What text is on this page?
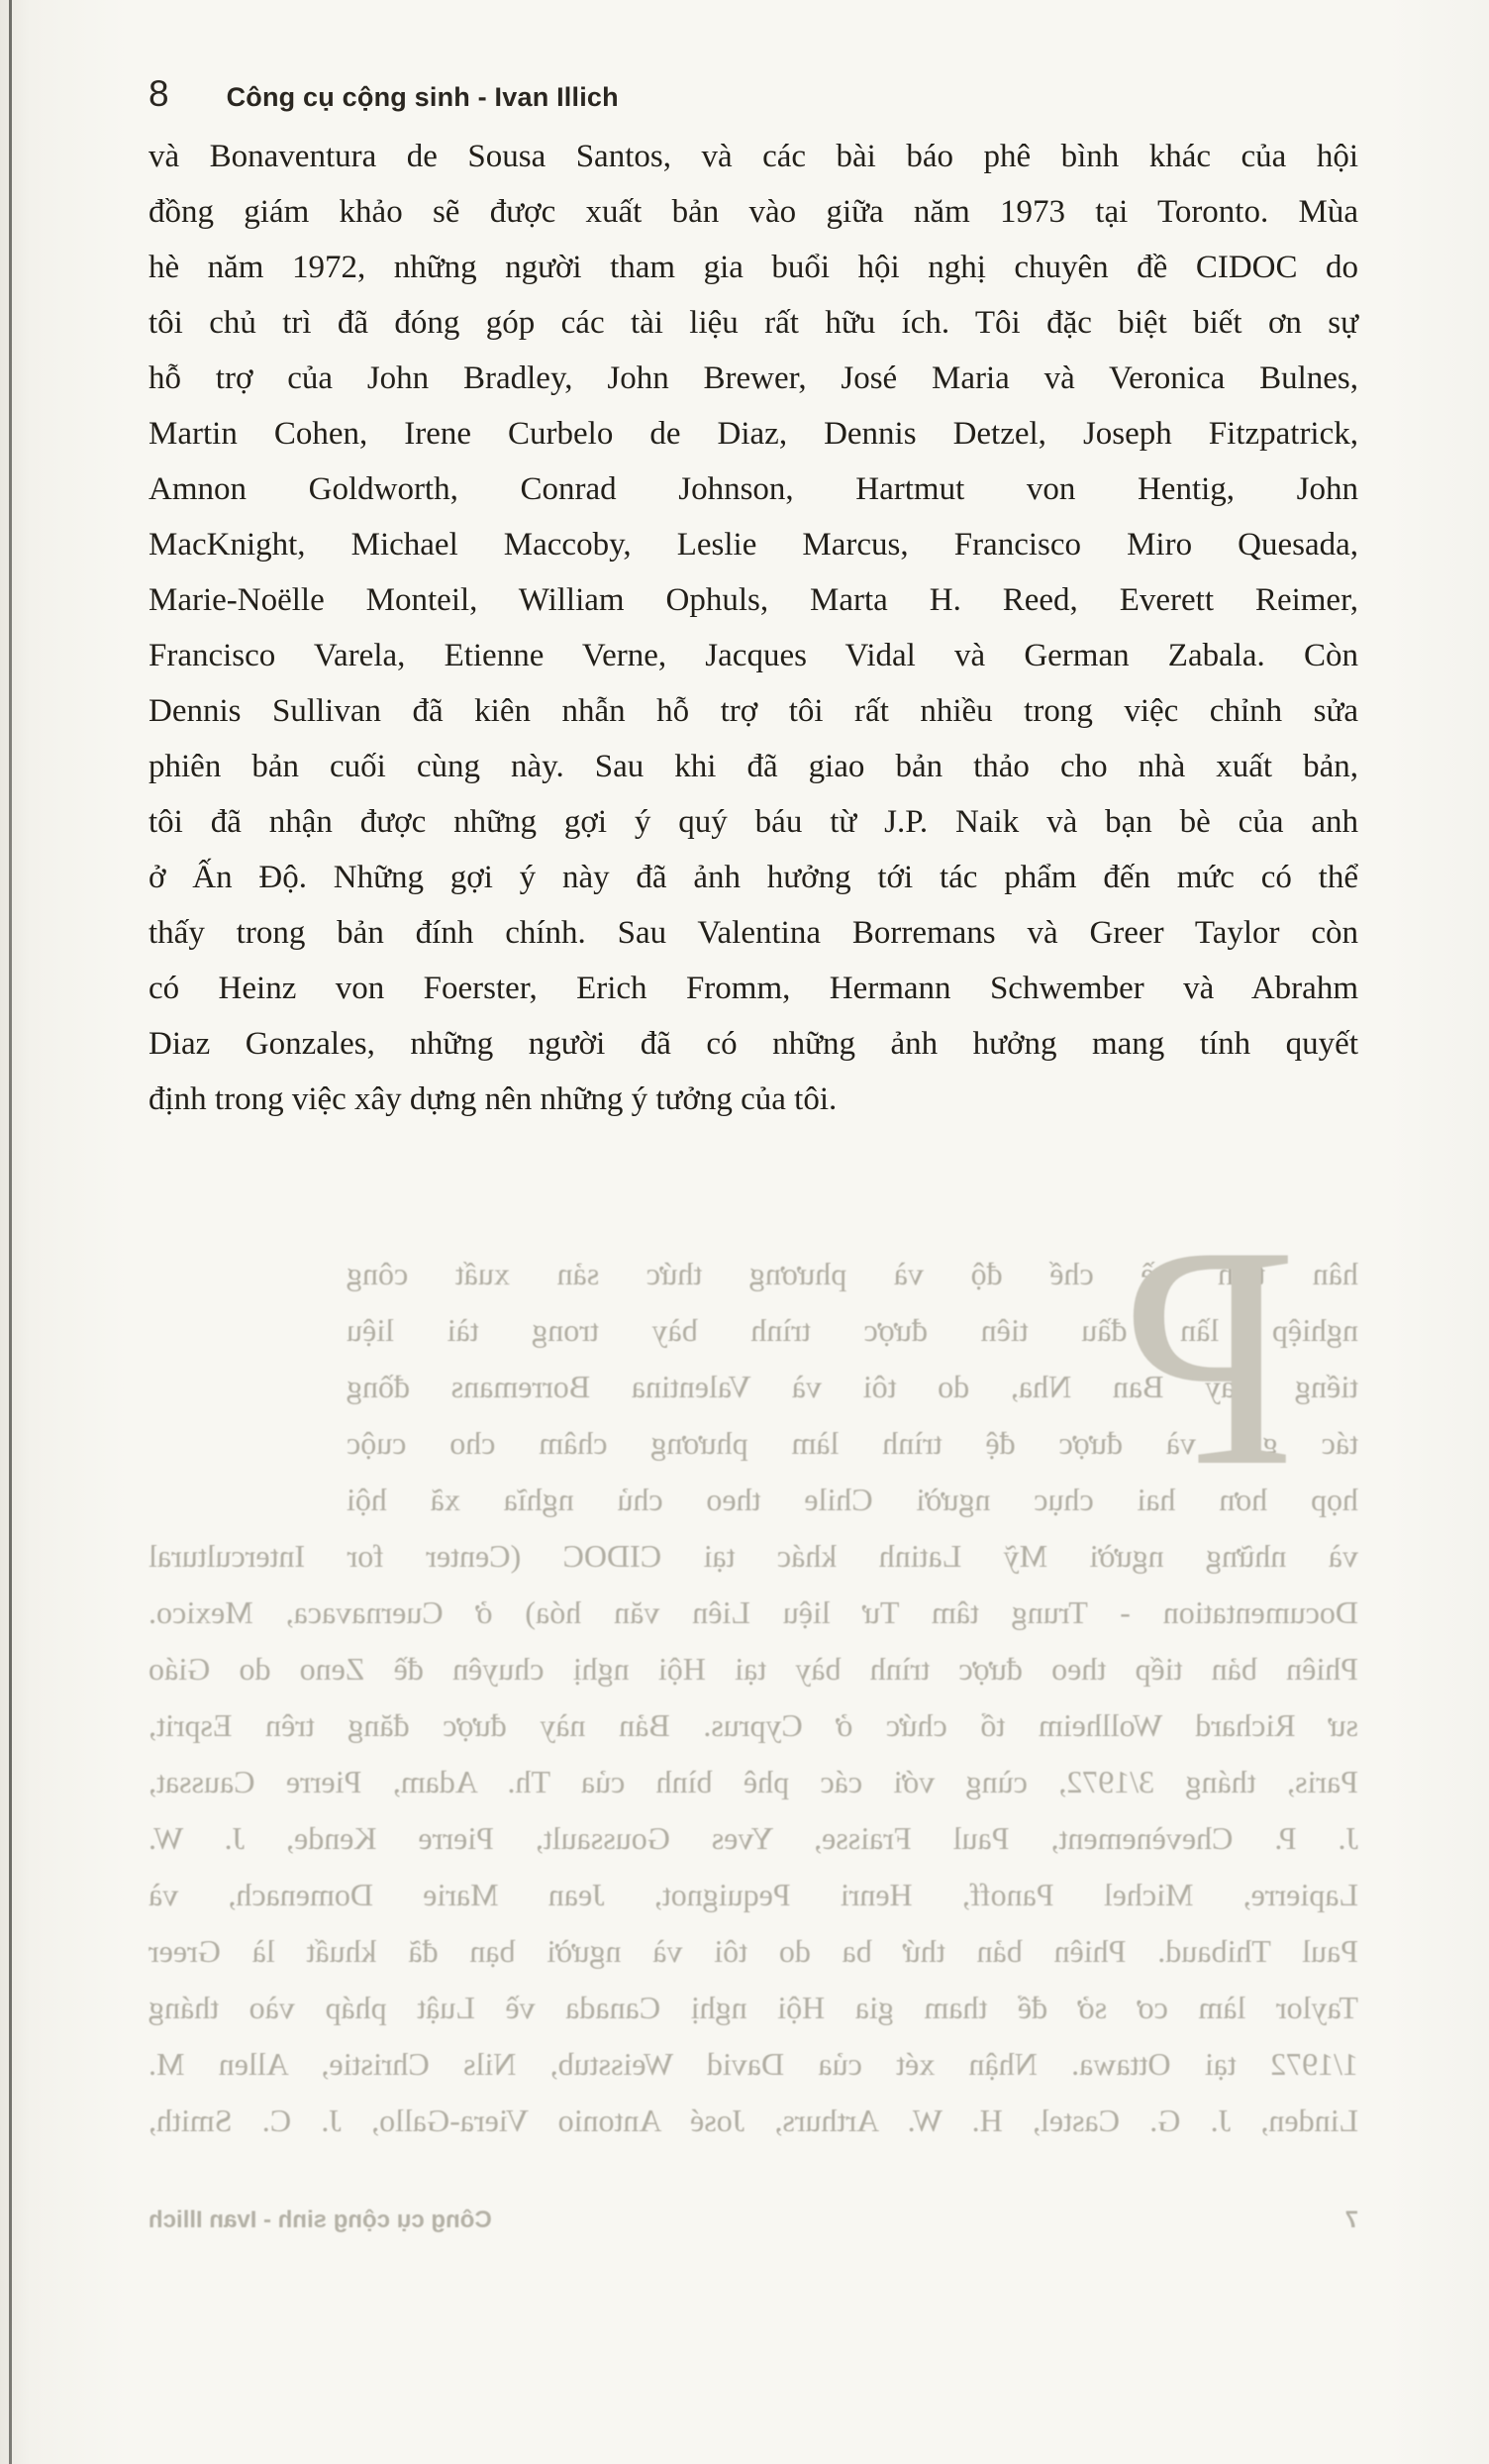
8 Công cụ cộng sinh - Ivan Illich

và Bonaventura de Sousa Santos, và các bài báo phê bình khác của hội

đồng giám khảo sẽ được xuất bản vào giữa năm 1973 tại Toronto. Mùa

hè năm 1972, những người tham gia buổi hội nghị chuyên đề CIDOC do

tôi chủ trì đã đóng góp các tài liệu rất hữu ích. Tôi đặc biệt biết ơn sự

hỗ trợ của John Bradley, John Brewer, José Maria và Veronica Bulnes,

Martin Cohen, Irene Curbelo de Diaz, Dennis Detzel, Joseph Fitzpatrick,

Amnon Goldworth, Conrad Johnson, Hartmut von Hentig, John

MacKnight, Michael Maccoby, Leslie Marcus, Francisco Miro Quesada,

Marie-Noëlle Monteil, William Ophuls, Marta H. Reed, Everett Reimer,

Francisco Varela, Etienne Verne, Jacques Vidal và German Zabala. Còn

Dennis Sullivan đã kiên nhẫn hỗ trợ tôi rất nhiều trong việc chỉnh sửa

phiên bản cuối cùng này. Sau khi đã giao bản thảo cho nhà xuất bản,

tôi đã nhận được những gợi ý quý báu từ J.P. Naik và bạn bè của anh

ở Ấn Độ. Những gợi ý này đã ảnh hưởng tới tác phẩm đến mức có thể

thấy trong bản đính chính. Sau Valentina Borremans và Greer Taylor còn

có Heinz von Foerster, Erich Fromm, Hermann Schwember và Abrahm

Diaz Gonzales, những người đã có những ảnh hưởng mang tính quyết

định trong việc xây dựng nên những ý tưởng của tôi.

P

hân tích về chế độ và phương thức sản xuất công

nghiệp lần đầu tiên được trình bày trong tài liệu

tiếng Tây Ban Nha, do tôi và Valentina Borremans đồng

tác giả và được đệ trình làm phương châm cho cuộc

họp hơn hai chục người Chile theo chủ nghĩa xã hội

và những người Mỹ Latinh khác tại CIDOC (Center for Intercultural

Documentation - Trung tâm Tư liệu Liên văn hóa) ở Cuernavaca, Mexico.

Phiên bản tiếp theo được trình bày tại Hội nghị chuyên đề Zeno do Giáo

sư Richard Wollheim tổ chức ở Cyprus. Bản này được đăng trên Esprit,

Paris, tháng 3/1972, cùng với các phê bình của Th. Adam, Pierre Caussat,

J. P. Chevènement, Paul Fraisse, Yves Goussault, Pierre Kende, J. W.

Lapierre, Michel Panoff, Henri Pequignot, Jean Marie Domenach, và

Paul Thibaud. Phiên bản thứ ba do tôi và người bạn đã khuất là Greer

Taylor làm cơ sở để tham gia Hội nghị Canada về Luật pháp vào tháng

1/1972 tại Ottawa. Nhận xét của David Weisstub, Nils Christie, Allen M.

Linden, J. G. Castel, H. W. Arthurs, José Antonio Viera-Gallo, J. C. Smith,

7
Công cụ cộng sinh - Ivan Illich
